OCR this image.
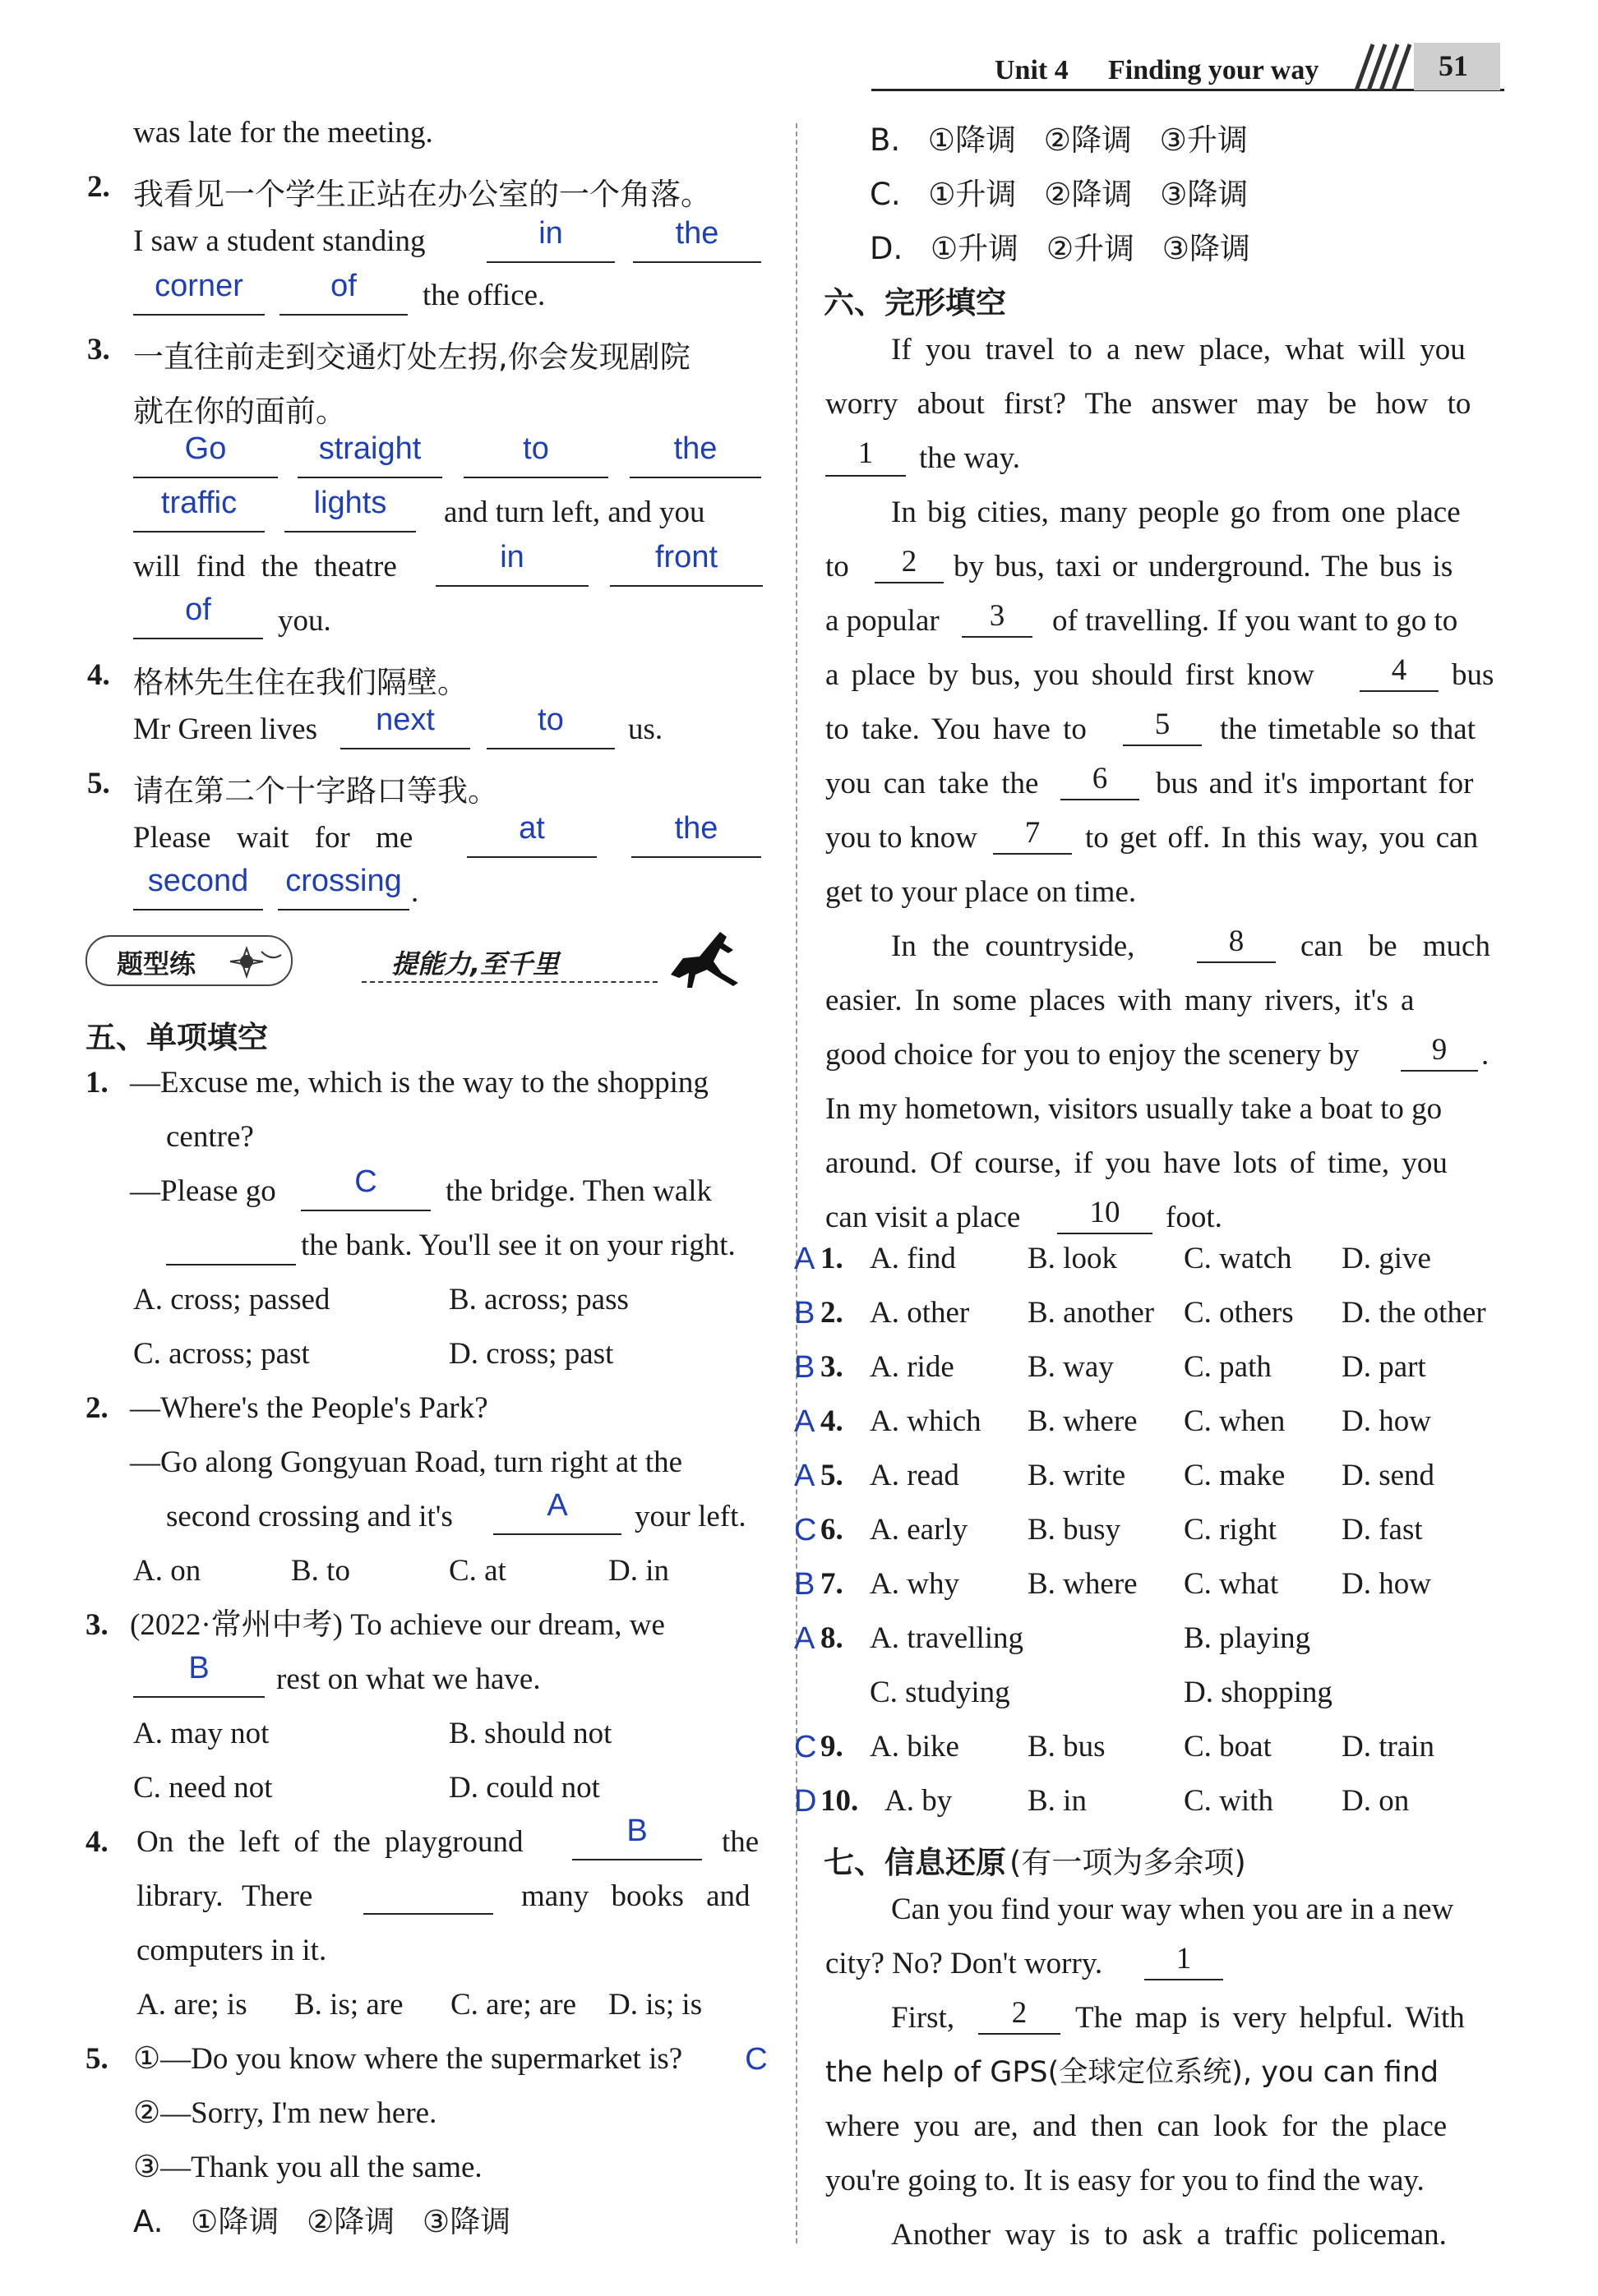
Unit 4 Finding your way	51
was late for the meeting.
2. 我看见一个学生正站在办公室的一个角落。
I saw a student standing	in	the
corner	of	the office.
3. 一直往前走到交通灯处左拐,你会发现剧院
就在你的面前。
Go	straight	to	the
traffic	lights	and turn left, and you
will find the theatre	in	front
of	you.
4. 格林先生住在我们隔壁。
Mr Green lives	next	to	us.
5. 请在第二个十字路口等我。
Please wait for me	at	the
second	crossing .
题型练	提能力,至千里
五、单项填空
1. —Excuse me, which is the way to the shopping
centre?
—Please go	C	the bridge. Then walk
the bank. You'll see it on your right.
A. cross; passed	B. across; pass
C. across; past	D. cross; past
2. —Where's the People's Park?
—Go along Gongyuan Road, turn right at the
second crossing and it's	A	your left.
A. on	B. to	C. at	D. in
3. (2022·常州中考) To achieve our dream, we
B	rest on what we have.
A. may not	B. should not
C. need not	D. could not
4. On the left of the playground	B	the
library. There	many books and
computers in it.
A. are; is B. is; are C. are; are D. is; is
5. ①—Do you know where the supermarket is? C
②—Sorry, I'm new here.
③—Thank you all the same.
A. ①降调 ②降调 ③降调
B. ①降调 ②降调 ③升调
C. ①升调 ②降调 ③降调
D. ①升调 ②升调 ③降调
六、完形填空
If you travel to a new place, what will you
worry about first? The answer may be how to
1	the way.
In big cities, many people go from one place
to	2	by bus, taxi or underground. The bus is
a popular	3	of travelling. If you want to go to
a place by bus, you should first know	4	bus
to take. You have to	5	the timetable so that
you can take the	6	bus and it's important for
you to know	7	to get off. In this way, you can
get to your place on time.
In the countryside,	8	can be much
easier. In some places with many rivers, it's a
good choice for you to enjoy the scenery by	9	.
In my hometown, visitors usually take a boat to go
around. Of course, if you have lots of time, you
can visit a place	10	foot.
A 1. A. find B. look C. watch D. give
B 2. A. other B. another C. others D. the other
B 3. A. ride B. way C. path D. part
A 4. A. which B. where C. when D. how
A 5. A. read B. write C. make D. send
C 6. A. early B. busy C. right D. fast
B 7. A. why B. where C. what D. how
A 8. A. travelling	B. playing
C. studying	D. shopping
C 9. A. bike B. bus	C. boat D. train
D 10. A. by B. in	C. with D. on
七、信息还原 (有一项为多余项)
Can you find your way when you are in a new
city? No? Don't worry.	1
First,	2	The map is very helpful. With
the help of GPS(全球定位系统), you can find
where you are, and then can look for the place
you're going to. It is easy for you to find the way.
Another way is to ask a traffic policeman.
